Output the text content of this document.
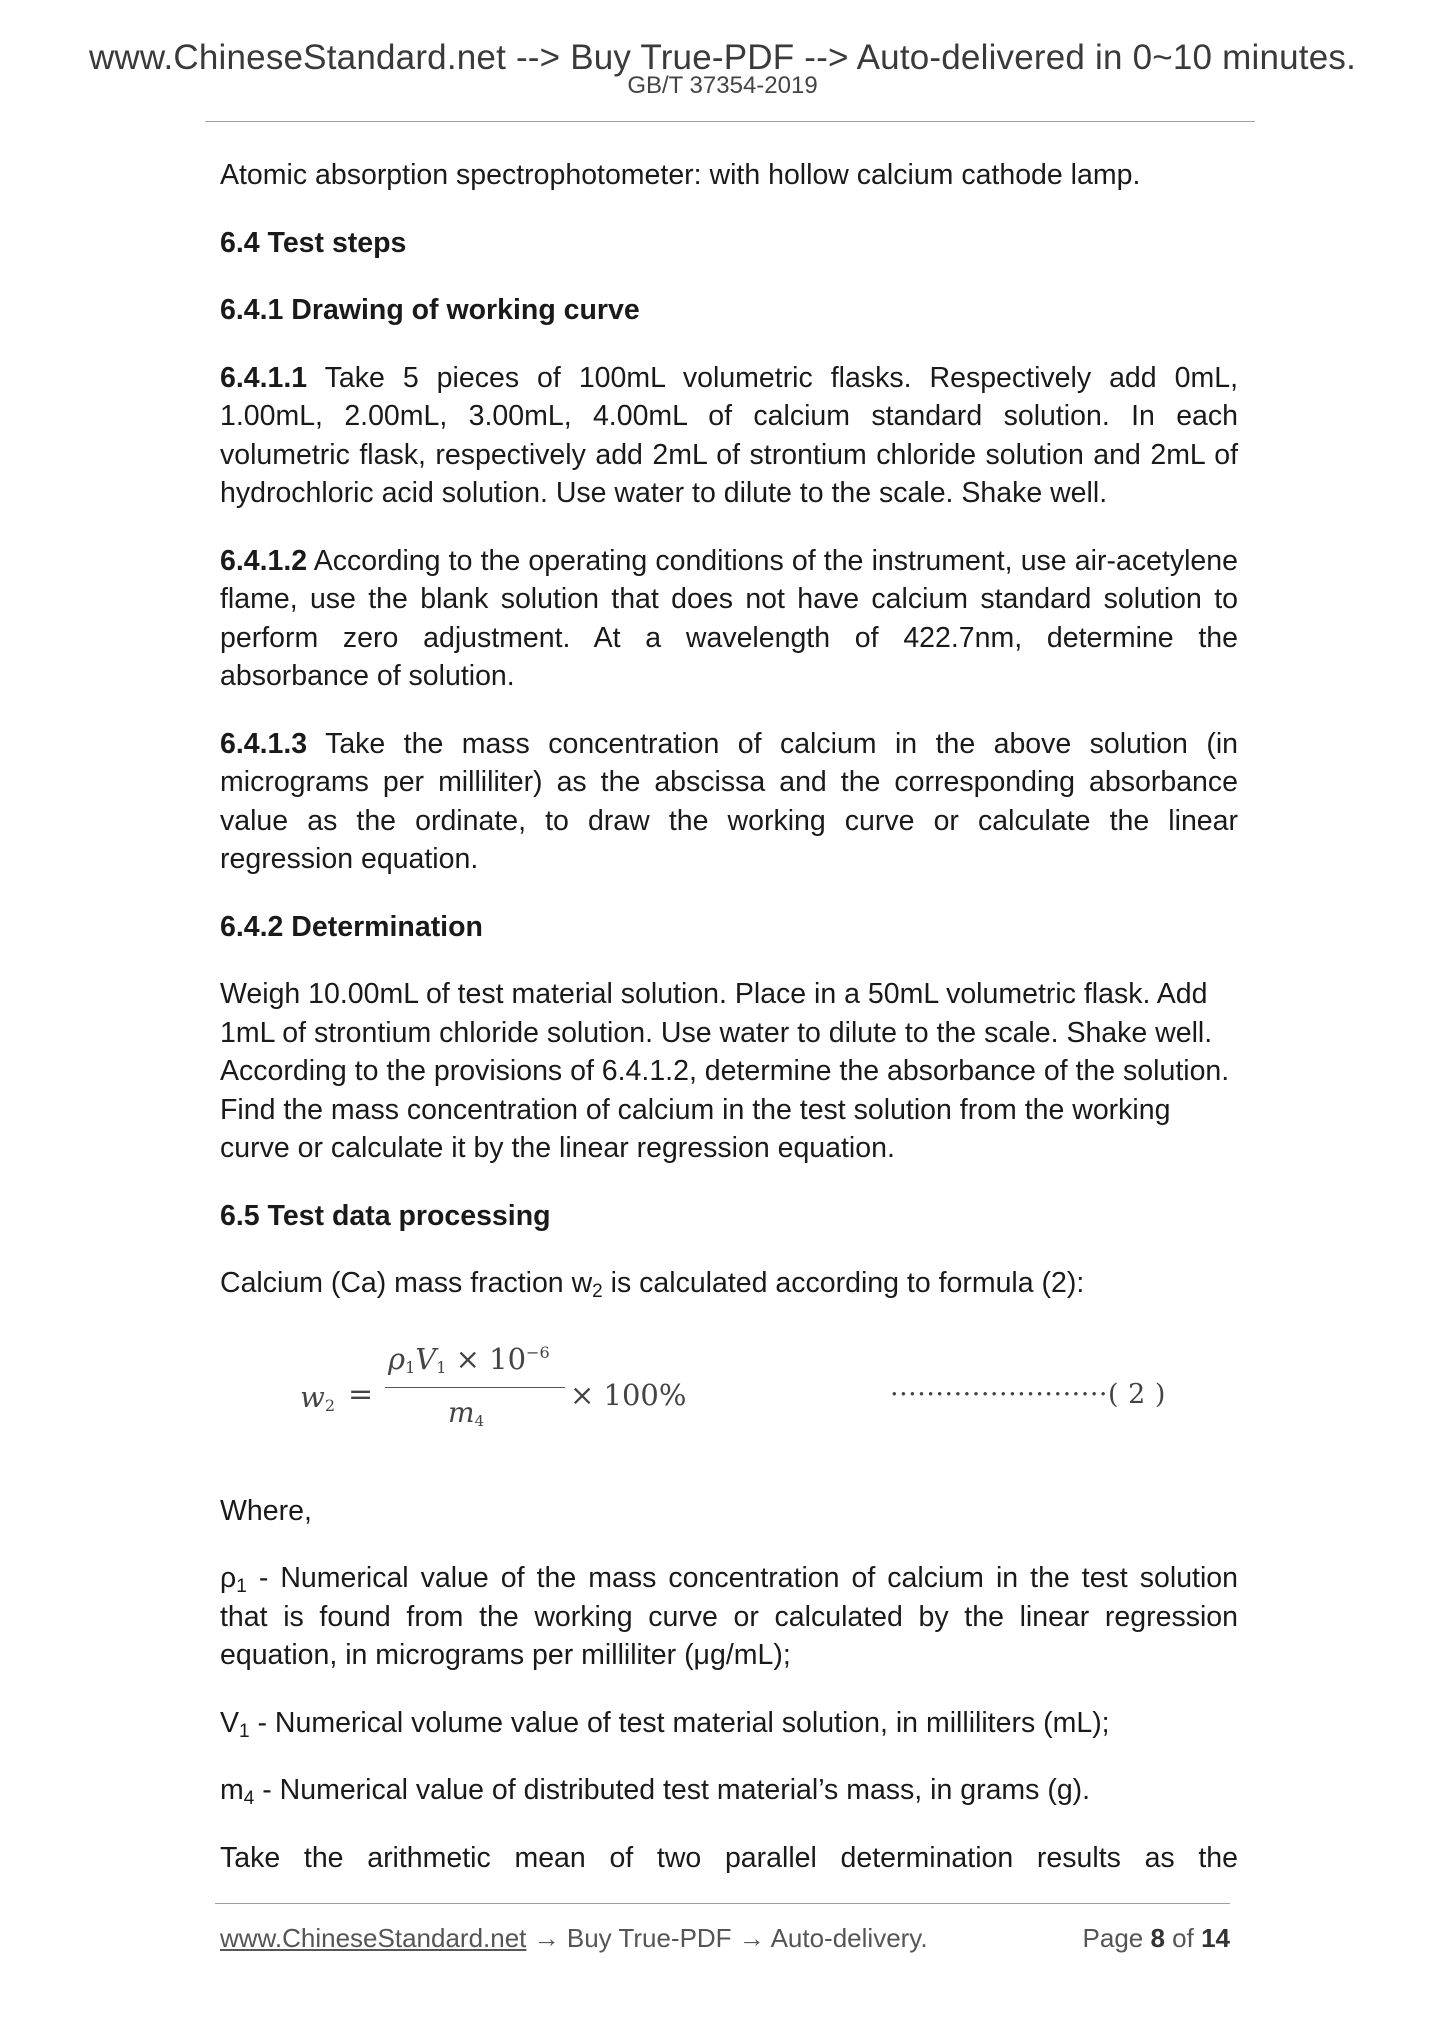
www.ChineseStandard.net --> Buy True-PDF --> Auto-delivered in 0~10 minutes.
GB/T 37354-2019

Atomic absorption spectrophotometer: with hollow calcium cathode lamp.

6.4 Test steps

6.4.1 Drawing of working curve

6.4.1.1 Take 5 pieces of 100mL volumetric flasks. Respectively add 0mL, 1.00mL, 2.00mL, 3.00mL, 4.00mL of calcium standard solution. In each volumetric flask, respectively add 2mL of strontium chloride solution and 2mL of hydrochloric acid solution. Use water to dilute to the scale. Shake well.

6.4.1.2 According to the operating conditions of the instrument, use air-acetylene flame, use the blank solution that does not have calcium standard solution to perform zero adjustment. At a wavelength of 422.7nm, determine the absorbance of solution.

6.4.1.3 Take the mass concentration of calcium in the above solution (in micrograms per milliliter) as the abscissa and the corresponding absorbance value as the ordinate, to draw the working curve or calculate the linear regression equation.

6.4.2 Determination

Weigh 10.00mL of test material solution. Place in a 50mL volumetric flask. Add 1mL of strontium chloride solution. Use water to dilute to the scale. Shake well. According to the provisions of 6.4.1.2, determine the absorbance of the solution. Find the mass concentration of calcium in the test solution from the working curve or calculate it by the linear regression equation.

6.5 Test data processing

Calcium (Ca) mass fraction $w_2$ is calculated according to formula (2):

w2 =
$\rho 1V1 \times 10^{-6}$
m4
× 100%	························( 2 )

Where,

$\rho_1$ - Numerical value of the mass concentration of calcium in the test solution that is found from the working curve or calculated by the linear regression equation, in micrograms per milliliter (μg/mL);

$V_1$ - Numerical volume value of test material solution, in milliliters (mL);

$m_4$ - Numerical value of distributed test material’s mass, in grams (g).

Take the arithmetic mean of two parallel determination results as the

www.ChineseStandard.net → Buy True-PDF → Auto-delivery.	Page 8 of 14
